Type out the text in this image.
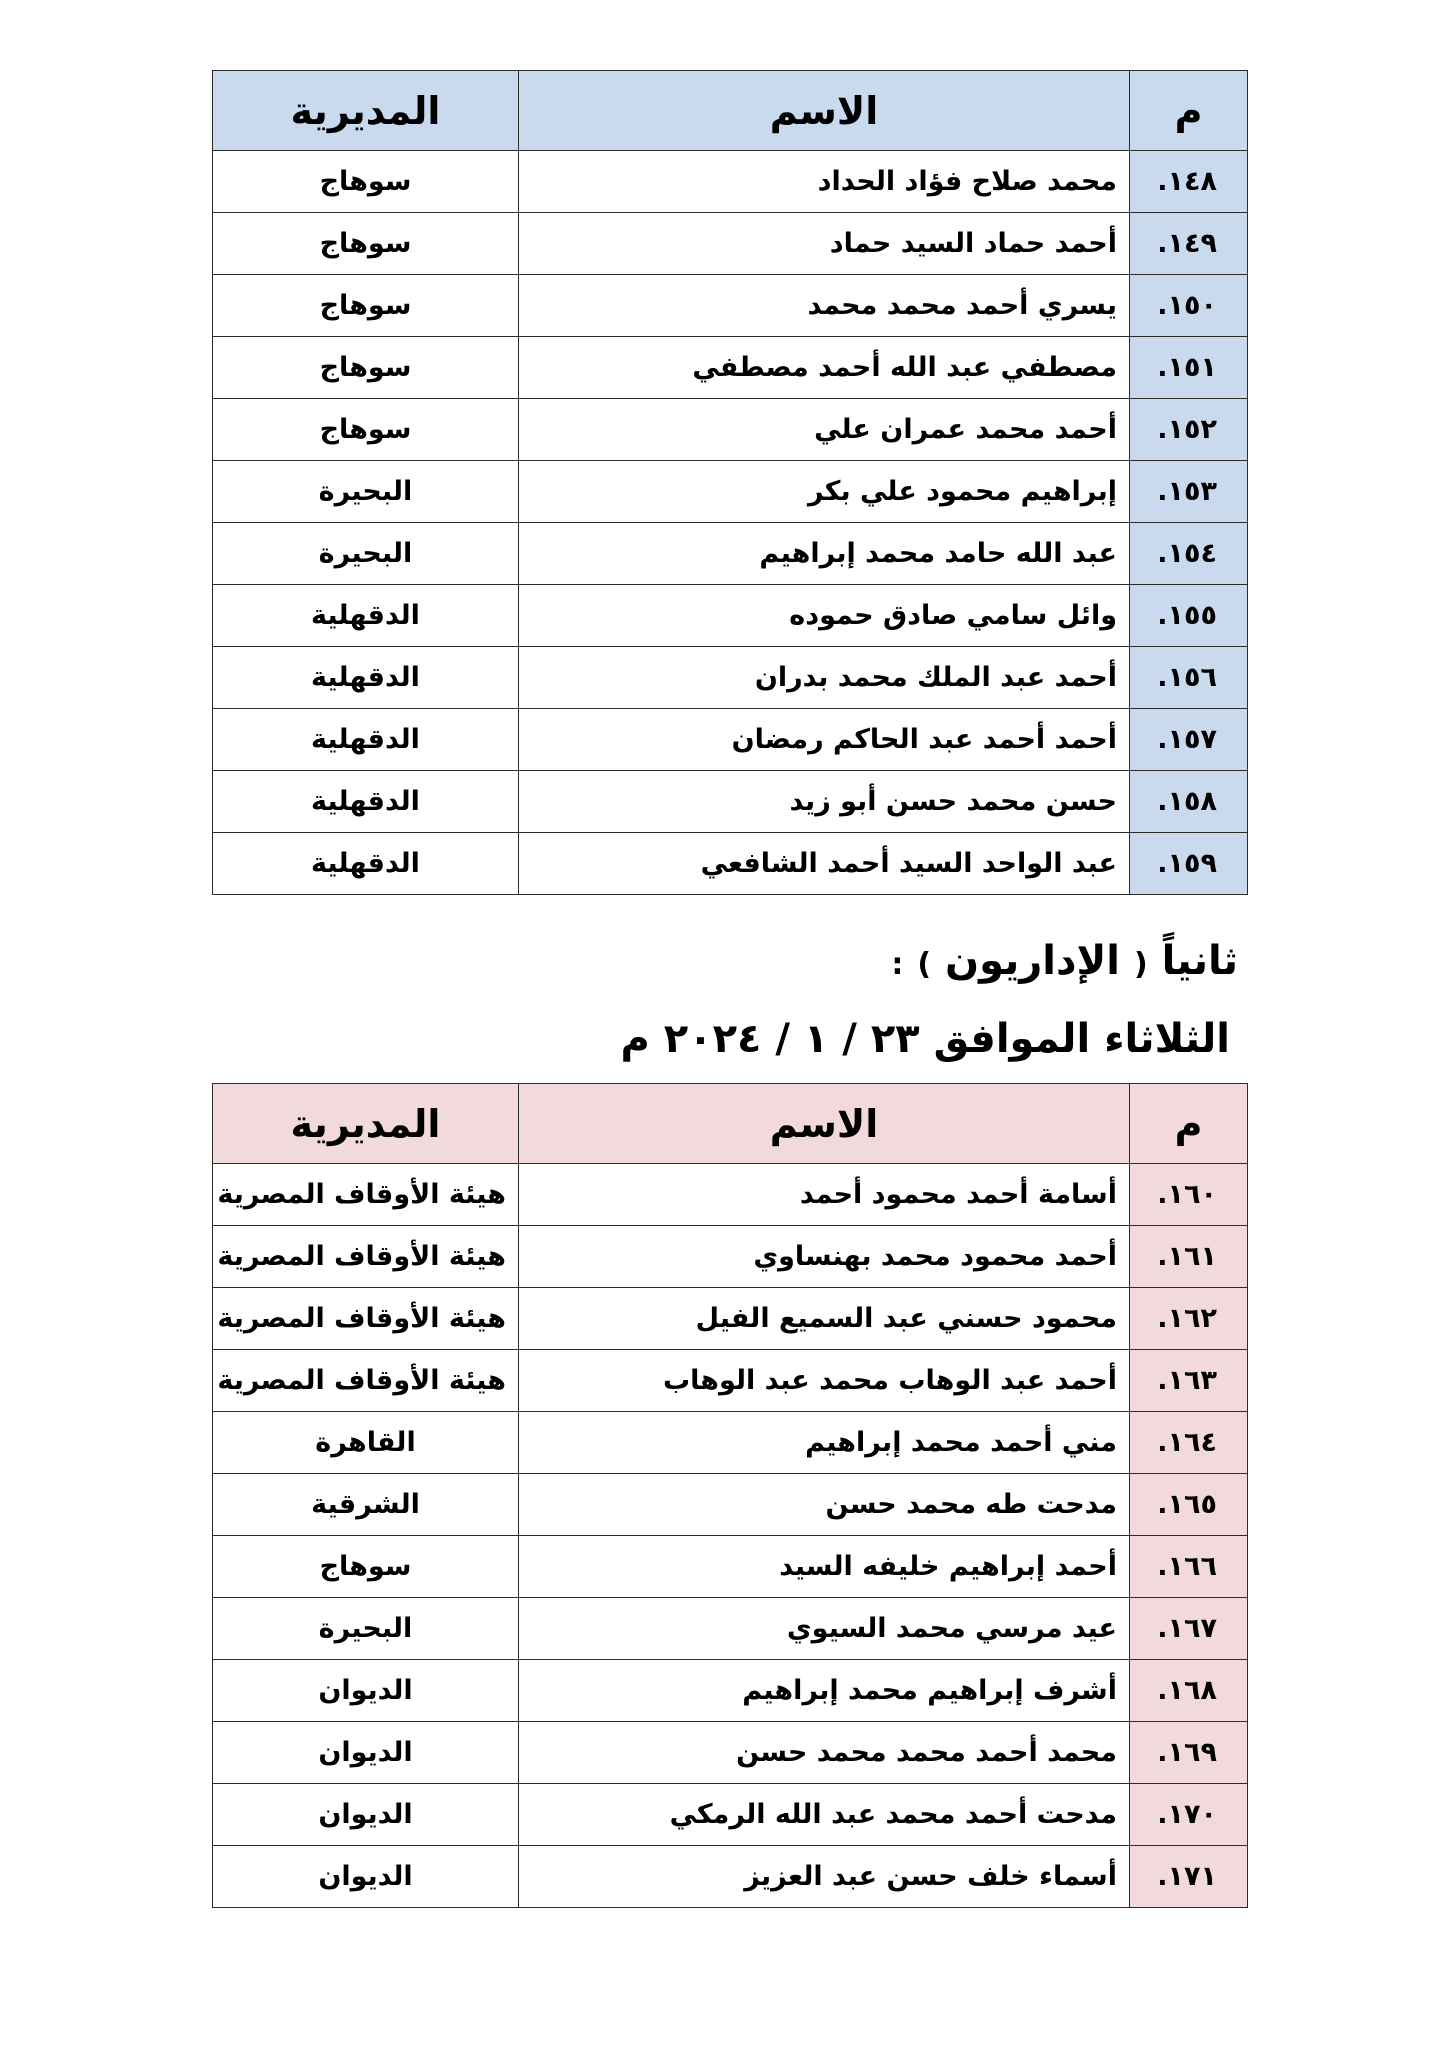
م	الاسم	المديرية
١٤٨.	محمد صلاح فؤاد الحداد	سوهاج
١٤٩.	أحمد حماد السيد حماد	سوهاج
١٥٠.	يسري أحمد محمد محمد	سوهاج
١٥١.	مصطفي عبد الله أحمد مصطفي	سوهاج
١٥٢.	أحمد محمد عمران علي	سوهاج
١٥٣.	إبراهيم محمود علي بكر	البحيرة
١٥٤.	عبد الله حامد محمد إبراهيم	البحيرة
١٥٥.	وائل سامي صادق حموده	الدقهلية
١٥٦.	أحمد عبد الملك محمد بدران	الدقهلية
١٥٧.	أحمد أحمد عبد الحاكم رمضان	الدقهلية
١٥٨.	حسن محمد حسن أبو زيد	الدقهلية
١٥٩.	عبد الواحد السيد أحمد الشافعي	الدقهلية
ثانياً ( الإداريون ) :
الثلاثاء الموافق ٢٣ / ١ / ٢٠٢٤ م
م	الاسم	المديرية
١٦٠.	أسامة أحمد محمود أحمد	هيئة الأوقاف المصرية
١٦١.	أحمد محمود محمد بهنساوي	هيئة الأوقاف المصرية
١٦٢.	محمود حسني عبد السميع الفيل	هيئة الأوقاف المصرية
١٦٣.	أحمد عبد الوهاب محمد عبد الوهاب	هيئة الأوقاف المصرية
١٦٤.	مني أحمد محمد إبراهيم	القاهرة
١٦٥.	مدحت طه محمد حسن	الشرقية
١٦٦.	أحمد إبراهيم خليفه السيد	سوهاج
١٦٧.	عيد مرسي محمد السيوي	البحيرة
١٦٨.	أشرف إبراهيم محمد إبراهيم	الديوان
١٦٩.	محمد أحمد محمد محمد حسن	الديوان
١٧٠.	مدحت أحمد محمد عبد الله الرمكي	الديوان
١٧١.	أسماء خلف حسن عبد العزيز	الديوان
